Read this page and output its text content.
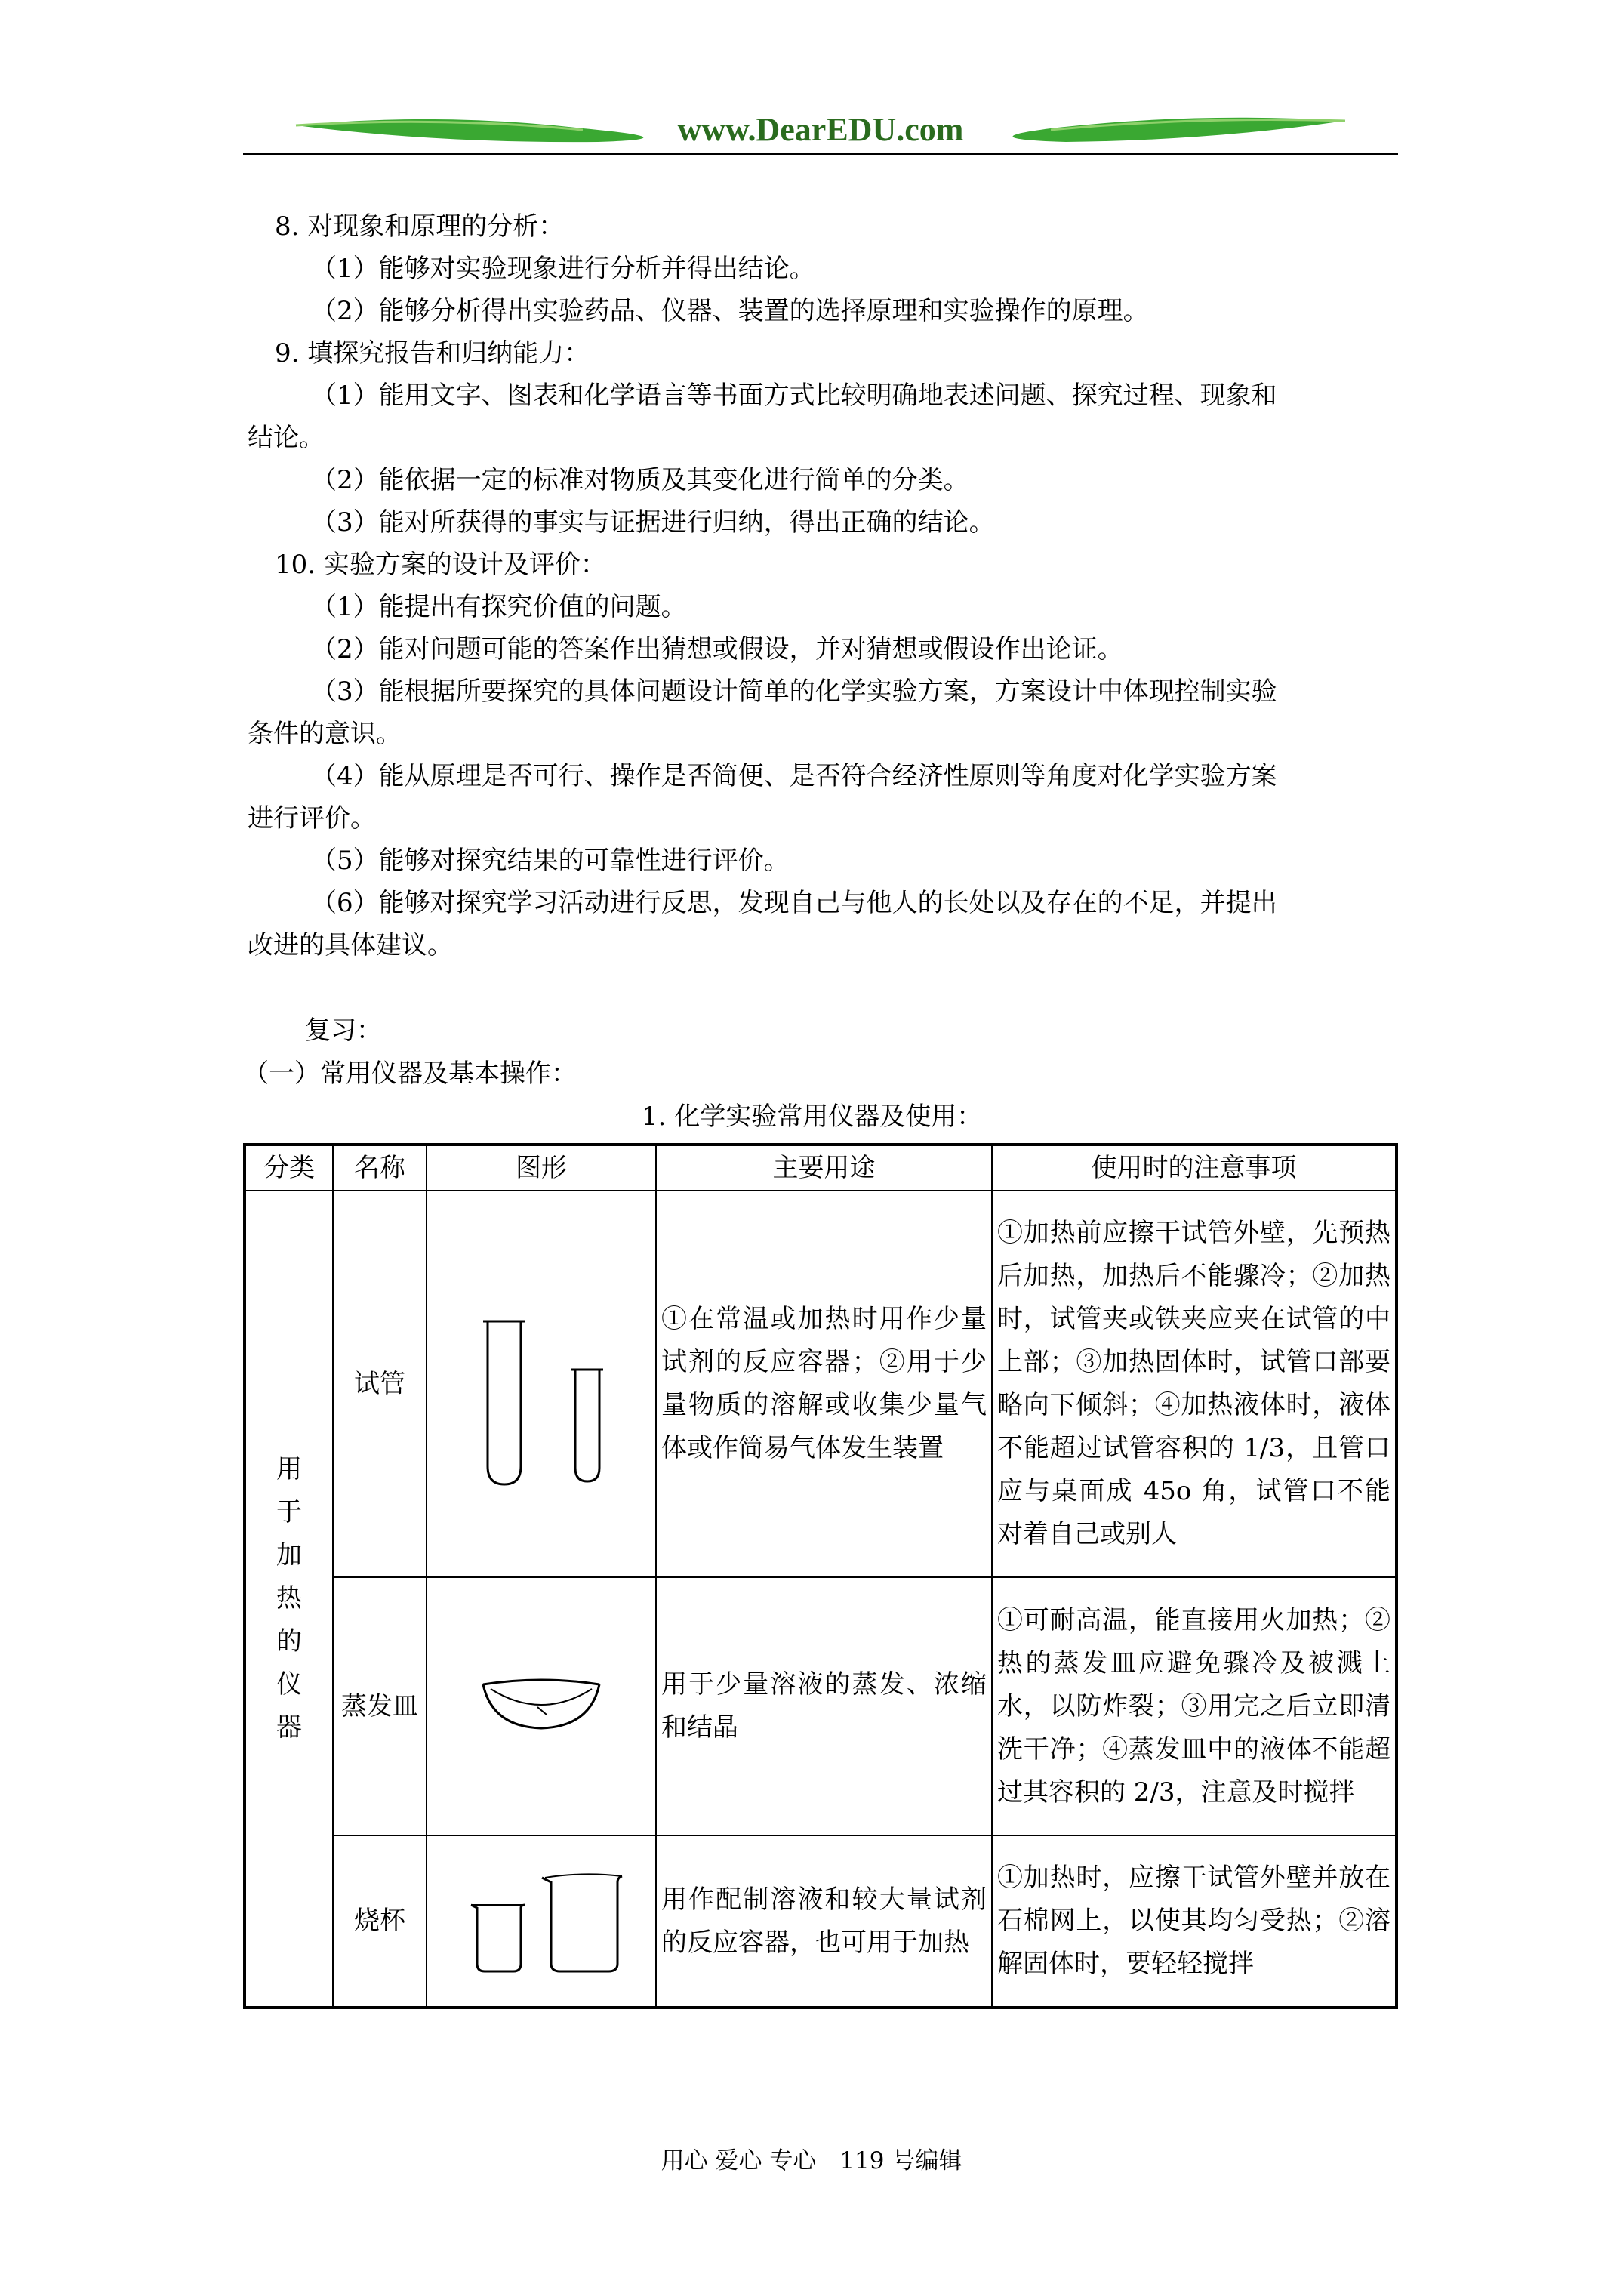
www.DearEDU.com
8. 对现象和原理的分析：
（1）能够对实验现象进行分析并得出结论。
（2）能够分析得出实验药品、仪器、装置的选择原理和实验操作的原理。
9. 填探究报告和归纳能力：
（1）能用文字、图表和化学语言等书面方式比较明确地表述问题、探究过程、现象和
结论。
（2）能依据一定的标准对物质及其变化进行简单的分类。
（3）能对所获得的事实与证据进行归纳，得出正确的结论。
10. 实验方案的设计及评价：
（1）能提出有探究价值的问题。
（2）能对问题可能的答案作出猜想或假设，并对猜想或假设作出论证。
（3）能根据所要探究的具体问题设计简单的化学实验方案，方案设计中体现控制实验
条件的意识。
（4）能从原理是否可行、操作是否简便、是否符合经济性原则等角度对化学实验方案
进行评价。
（5）能够对探究结果的可靠性进行评价。
（6）能够对探究学习活动进行反思，发现自己与他人的长处以及存在的不足，并提出
改进的具体建议。
复习：
（一）常用仪器及基本操作：
1. 化学实验常用仪器及使用：
分类	名称	图形	主要用途	使用时的注意事项
用于加热的仪器	试管		①在常温或加热时用作少量试剂的反应容器；②用于少量物质的溶解或收集少量气体或作简易气体发生装置	①加热前应擦干试管外壁，先预热后加热，加热后不能骤冷；②加热时，试管夹或铁夹应夹在试管的中上部；③加热固体时，试管口部要略向下倾斜；④加热液体时，液体不能超过试管容积的 1/3，且管口应与桌面成 45o 角，试管口不能对着自己或别人
	蒸发皿		用于少量溶液的蒸发、浓缩和结晶	①可耐高温，能直接用火加热；②热的蒸发皿应避免骤冷及被溅上水，以防炸裂；③用完之后立即清洗干净；④蒸发皿中的液体不能超过其容积的 2/3，注意及时搅拌
	烧杯		用作配制溶液和较大量试剂的反应容器，也可用于加热	①加热时，应擦干试管外壁并放在石棉网上，以使其均匀受热；②溶解固体时，要轻轻搅拌
用心 爱心 专心　119 号编辑
